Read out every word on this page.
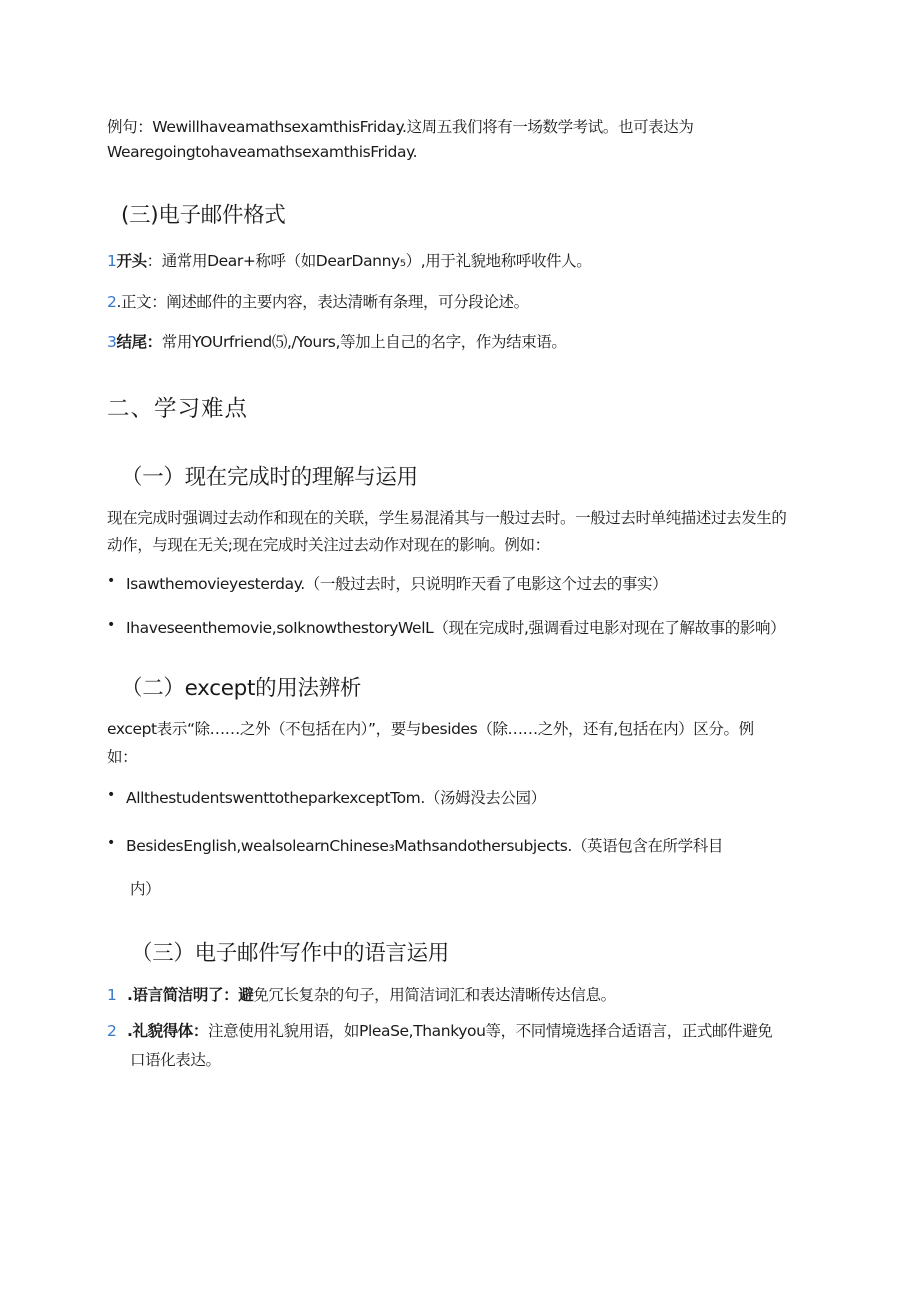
例句：WewillhaveamathsexamthisFriday.这周五我们将有一场数学考试。也可表达为
WearegoingtohaveamathsexamthisFriday.
(三)电子邮件格式
1开头：通常用Dear+称呼（如DearDanny₅）,用于礼貌地称呼收件人。
2.正文：阐述邮件的主要内容，表达清晰有条理，可分段论述。
3结尾：常用YOUrfriend⑸,/Yours,等加上自己的名字，作为结束语。
二、学习难点
（一）现在完成时的理解与运用
现在完成时强调过去动作和现在的关联，学生易混淆其与一般过去时。一般过去时单纯描述过去发生的
动作，与现在无关;现在完成时关注过去动作对现在的影响。例如：
• Isawthemovieyesterday.（一般过去时，只说明昨天看了电影这个过去的事实）
• Ihaveseenthemovie,soIknowthestoryWelL（现在完成时,强调看过电影对现在了解故事的影响）
（二）except的用法辨析
except表示“除……之外（不包括在内）”，要与besides（除……之外，还有,包括在内）区分。例
如：
• AllthestudentswenttotheparkexceptTom.（汤姆没去公园）
• BesidesEnglish,wealsolearnChinese₃Mathsandothersubjects.（英语包含在所学科目
内）
（三）电子邮件写作中的语言运用
1 .语言简洁明了：避免冗长复杂的句子，用简洁词汇和表达清晰传达信息。
2 .礼貌得体：注意使用礼貌用语，如PleaSe,Thankyou等，不同情境选择合适语言，正式邮件避免
口语化表达。
